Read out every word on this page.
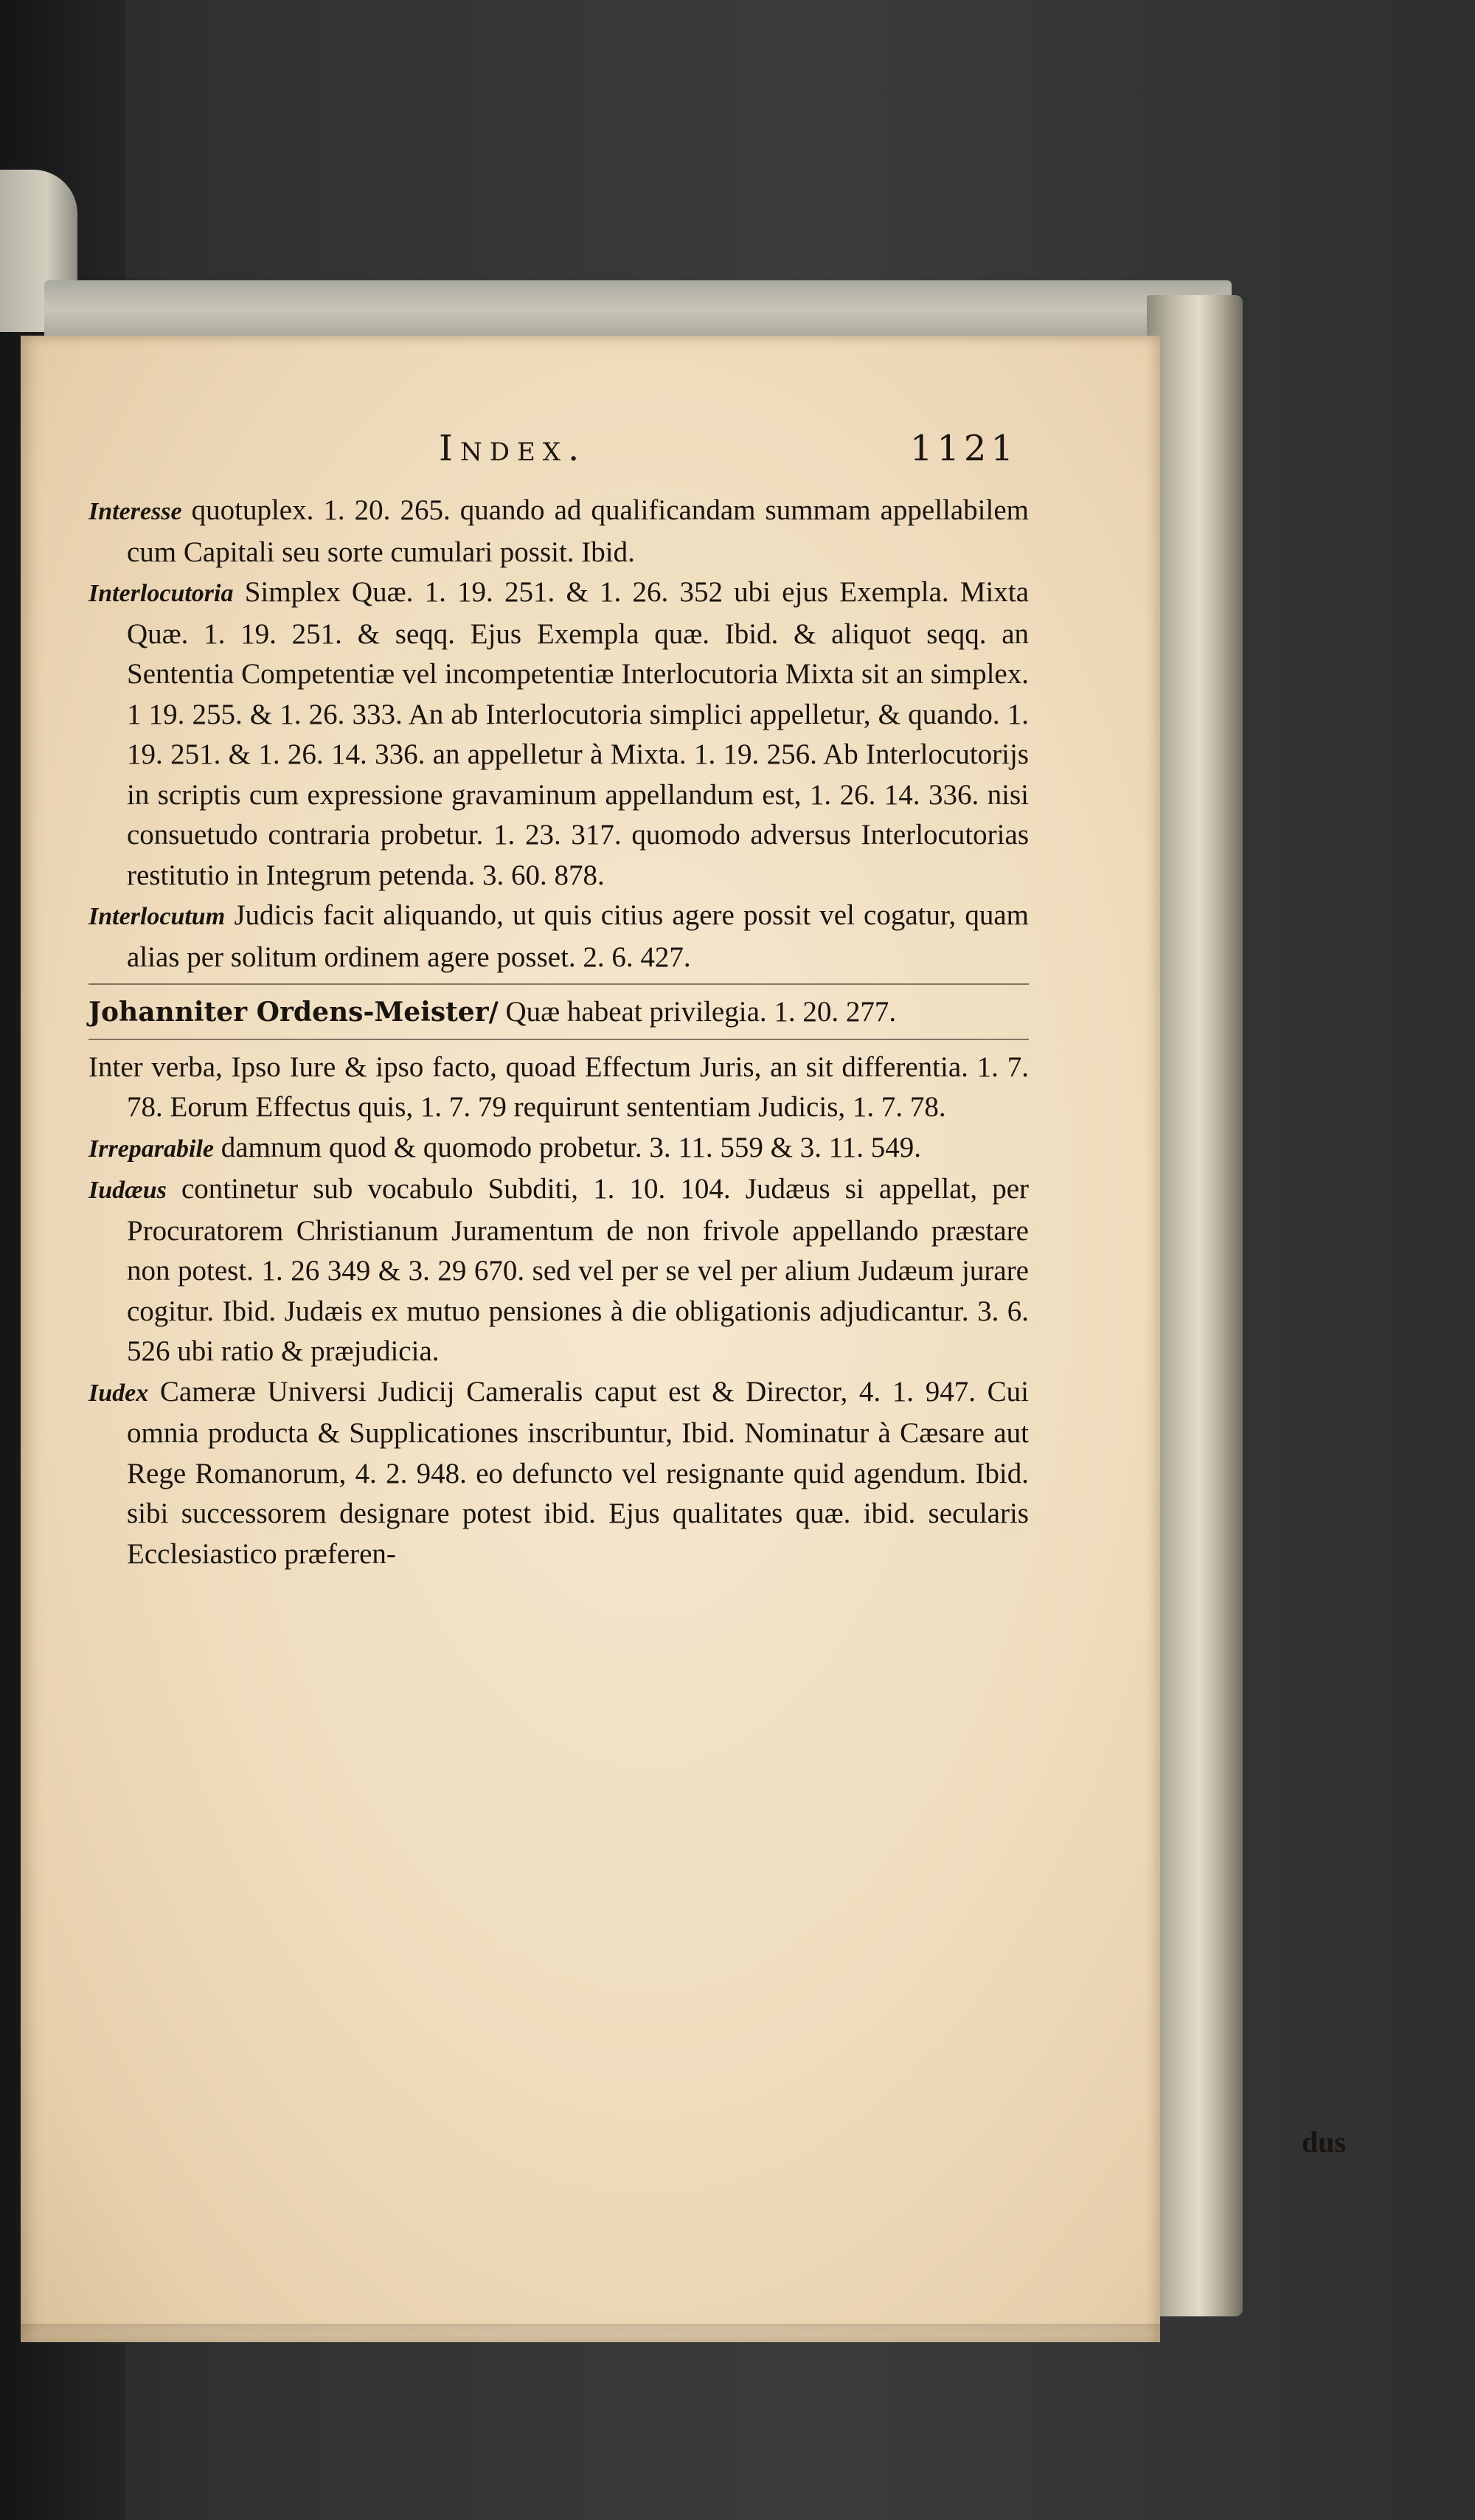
Index.	1121

Interesse quotuplex. 1. 20. 265. quando ad qualificandam summam appellabilem cum Capitali seu sorte cumulari possit. Ibid.

Interlocutoria Simplex Quæ. 1. 19. 251. & 1. 26. 352 ubi ejus Exempla. Mixta Quæ. 1. 19. 251. & seqq. Ejus Exempla quæ. Ibid. & aliquot seqq. an Sententia Competentiæ vel incompetentiæ Interlocutoria Mixta sit an simplex. 1 19. 255. & 1. 26. 333. An ab Interlocutoria simplici appelletur, & quando. 1. 19. 251. & 1. 26. 14. 336. an appelletur à Mixta. 1. 19. 256. Ab Interlocutorijs in scriptis cum expressione gravaminum appellandum est, 1. 26. 14. 336. nisi consuetudo contraria probetur. 1. 23. 317. quomodo adversus Interlocutorias restitutio in Integrum petenda. 3. 60. 878.

Interlocutum Judicis facit aliquando, ut quis citius agere possit vel cogatur, quam alias per solitum ordinem agere posset. 2. 6. 427.

Johanniter Ordens-Meister/ Quæ habeat privilegia. 1. 20. 277.

Inter verba, Ipso Iure & ipso facto, quoad Effectum Juris, an sit differentia. 1. 7. 78. Eorum Effectus quis, 1. 7. 79 requirunt sententiam Judicis, 1. 7. 78.

Irreparabile damnum quod & quomodo probetur. 3. 11. 559 & 3. 11. 549.

Iudæus continetur sub vocabulo Subditi, 1. 10. 104. Judæus si appellat, per Procuratorem Christianum Juramentum de non frivole appellando præstare non potest. 1. 26 349 & 3. 29 670. sed vel per se vel per alium Judæum jurare cogitur. Ibid. Judæis ex mutuo pensiones à die obligationis adjudicantur. 3. 6. 526 ubi ratio & præjudicia.

Iudex Cameræ Universi Judicij Cameralis caput est & Director, 4. 1. 947. Cui omnia producta & Supplicationes inscribuntur, Ibid. Nominatur à Cæsare aut Rege Romanorum, 4. 2. 948. eo defuncto vel resignante quid agendum. Ibid. sibi successorem designare potest ibid. Ejus qualitates quæ. ibid. secularis Ecclesiastico præferen-

dus
